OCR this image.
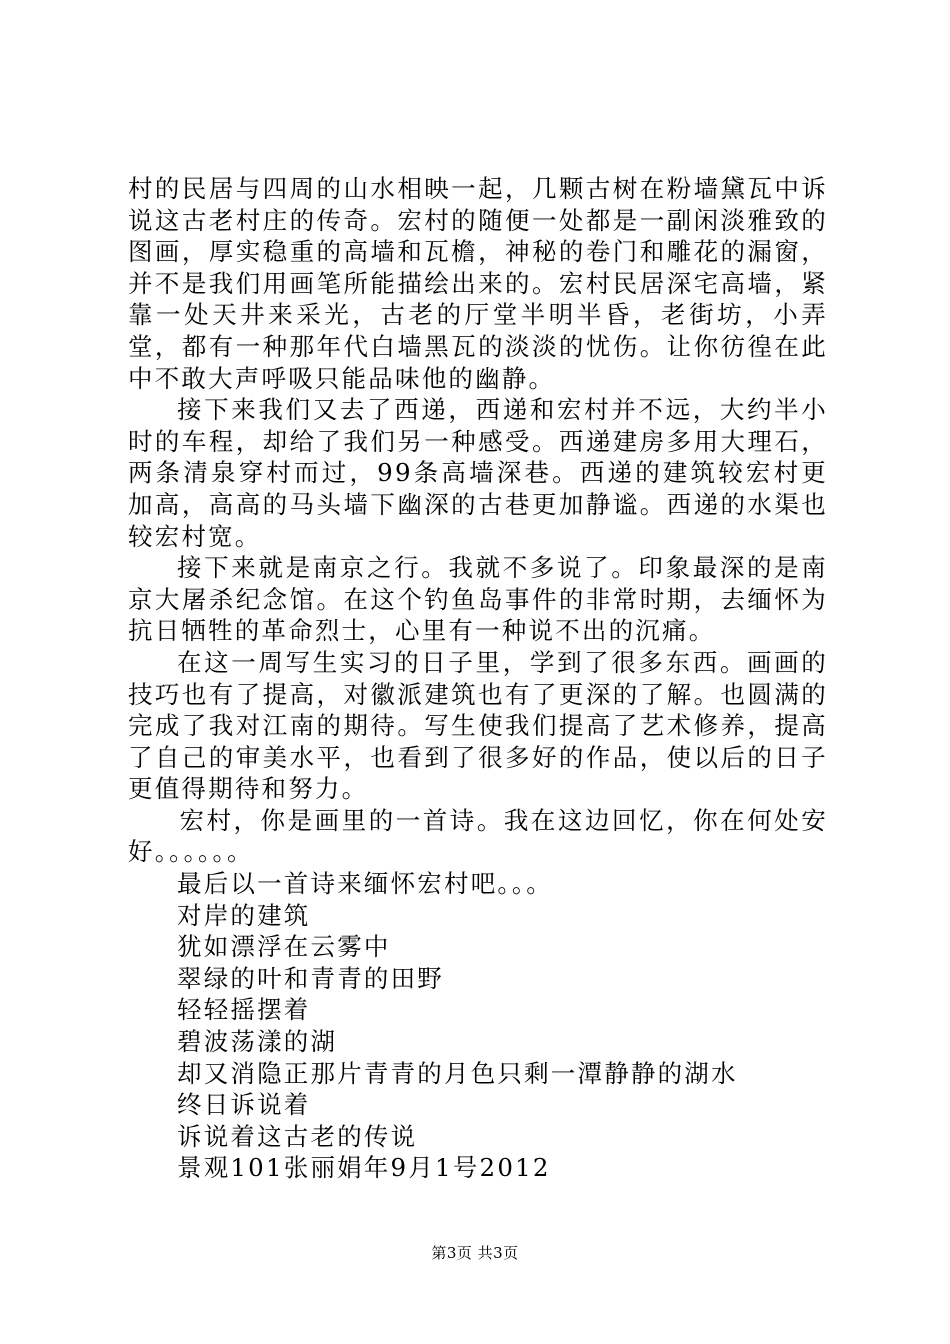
村的民居与四周的山水相映一起，几颗古树在粉墙黛瓦中诉说这古老村庄的传奇。宏村的随便一处都是一副闲淡雅致的图画，厚实稳重的高墙和瓦檐，神秘的卷门和雕花的漏窗，并不是我们用画笔所能描绘出来的。宏村民居深宅高墙，紧靠一处天井来采光，古老的厅堂半明半昏，老街坊，小弄堂，都有一种那年代白墙黑瓦的淡淡的忧伤。让你彷徨在此中不敢大声呼吸只能品味他的幽静。

接下来我们又去了西递，西递和宏村并不远，大约半小时的车程，却给了我们另一种感受。西递建房多用大理石，两条清泉穿村而过，99条高墙深巷。西递的建筑较宏村更加高，高高的马头墙下幽深的古巷更加静谧。西递的水渠也较宏村宽。

接下来就是南京之行。我就不多说了。印象最深的是南京大屠杀纪念馆。在这个钓鱼岛事件的非常时期，去缅怀为抗日牺牲的革命烈士，心里有一种说不出的沉痛。

在这一周写生实习的日子里，学到了很多东西。画画的技巧也有了提高，对徽派建筑也有了更深的了解。也圆满的完成了我对江南的期待。写生使我们提高了艺术修养，提高了自己的审美水平，也看到了很多好的作品，使以后的日子更值得期待和努力。

宏村，你是画里的一首诗。我在这边回忆，你在何处安好。。。。。。

最后以一首诗来缅怀宏村吧。。。

对岸的建筑

犹如漂浮在云雾中

翠绿的叶和青青的田野

轻轻摇摆着

碧波荡漾的湖

却又消隐正那片青青的月色只剩一潭静静的湖水

终日诉说着

诉说着这古老的传说

景观101张丽娟年9月1号2012

第3页 共3页
